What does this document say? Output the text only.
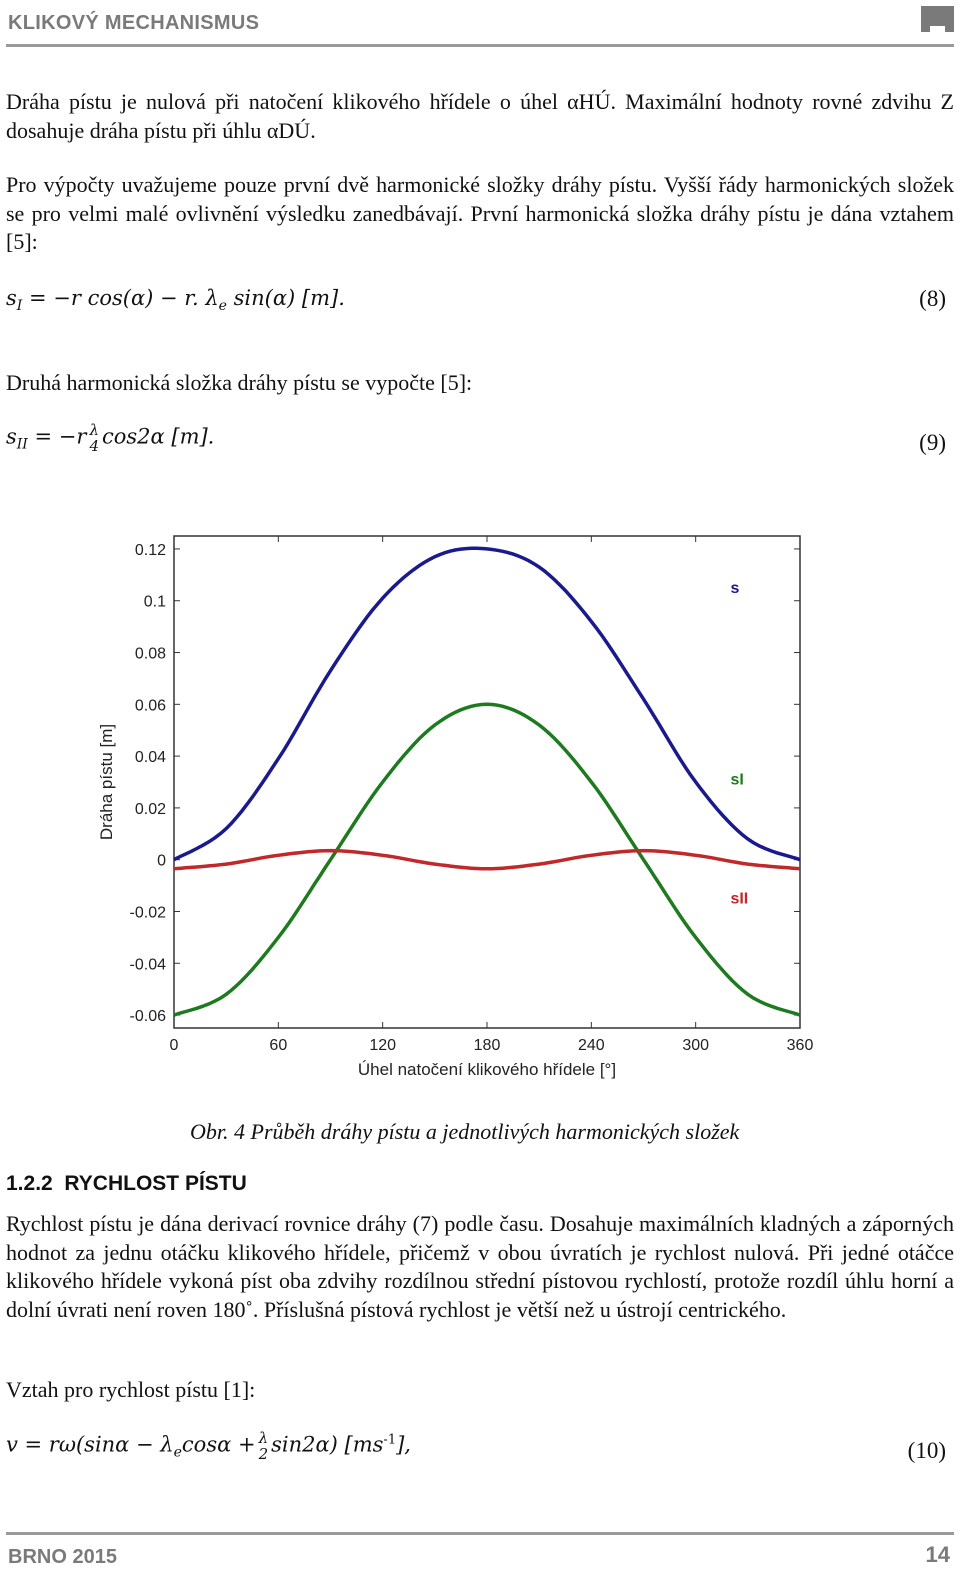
KLIKOVÝ MECHANISMUS

Dráha pístu je nulová při natočení klikového hřídele o úhel αHÚ. Maximální hodnoty rovné zdvihu Z dosahuje dráha pístu při úhlu αDÚ.

Pro výpočty uvažujeme pouze první dvě harmonické složky dráhy pístu. Vyšší řády harmonických složek se pro velmi malé ovlivnění výsledku zanedbávají. První harmonická složka dráhy pístu je dána vztahem [5]:

$s_I = -r$ cos(α) − r. $\lambda_e$ sin(α) [m].	(8)

Druhá harmonická složka dráhy pístu se vypočte [5]:

$s_{II} = -r$ λ
4 cos2α [m].	(9)
0.12
0.1
0.08
0.06
0.04
0.02
0
-0.02
-0.04
-0.06
0	60	120	180	240	300	360
s
sI
sII
Úhel natočení klikového hřídele [°]
Dráha pístu [m]
Obr. 4 Průběh dráhy pístu a jednotlivých harmonických složek
1.2.2 RYCHLOST PÍSTU

Rychlost pístu je dána derivací rovnice dráhy (7) podle času. Dosahuje maximálních kladných a záporných hodnot za jednu otáčku klikového hřídele, přičemž v obou úvratích je rychlost nulová. Při jedné otáčce klikového hřídele vykoná píst oba zdvihy rozdílnou střední pístovou rychlostí, protože rozdíl úhlu horní a dolní úvrati není roven 180˚. Příslušná pístová rychlost je větší než u ústrojí centrického.

Vztah pro rychlost pístu [1]:

$v = r\omega(\sin\alpha - \lambda_e\cos\alpha + \lambda$
2 sin2α) $[ms^{-1}]$,	(10)
BRNO 2015	14
